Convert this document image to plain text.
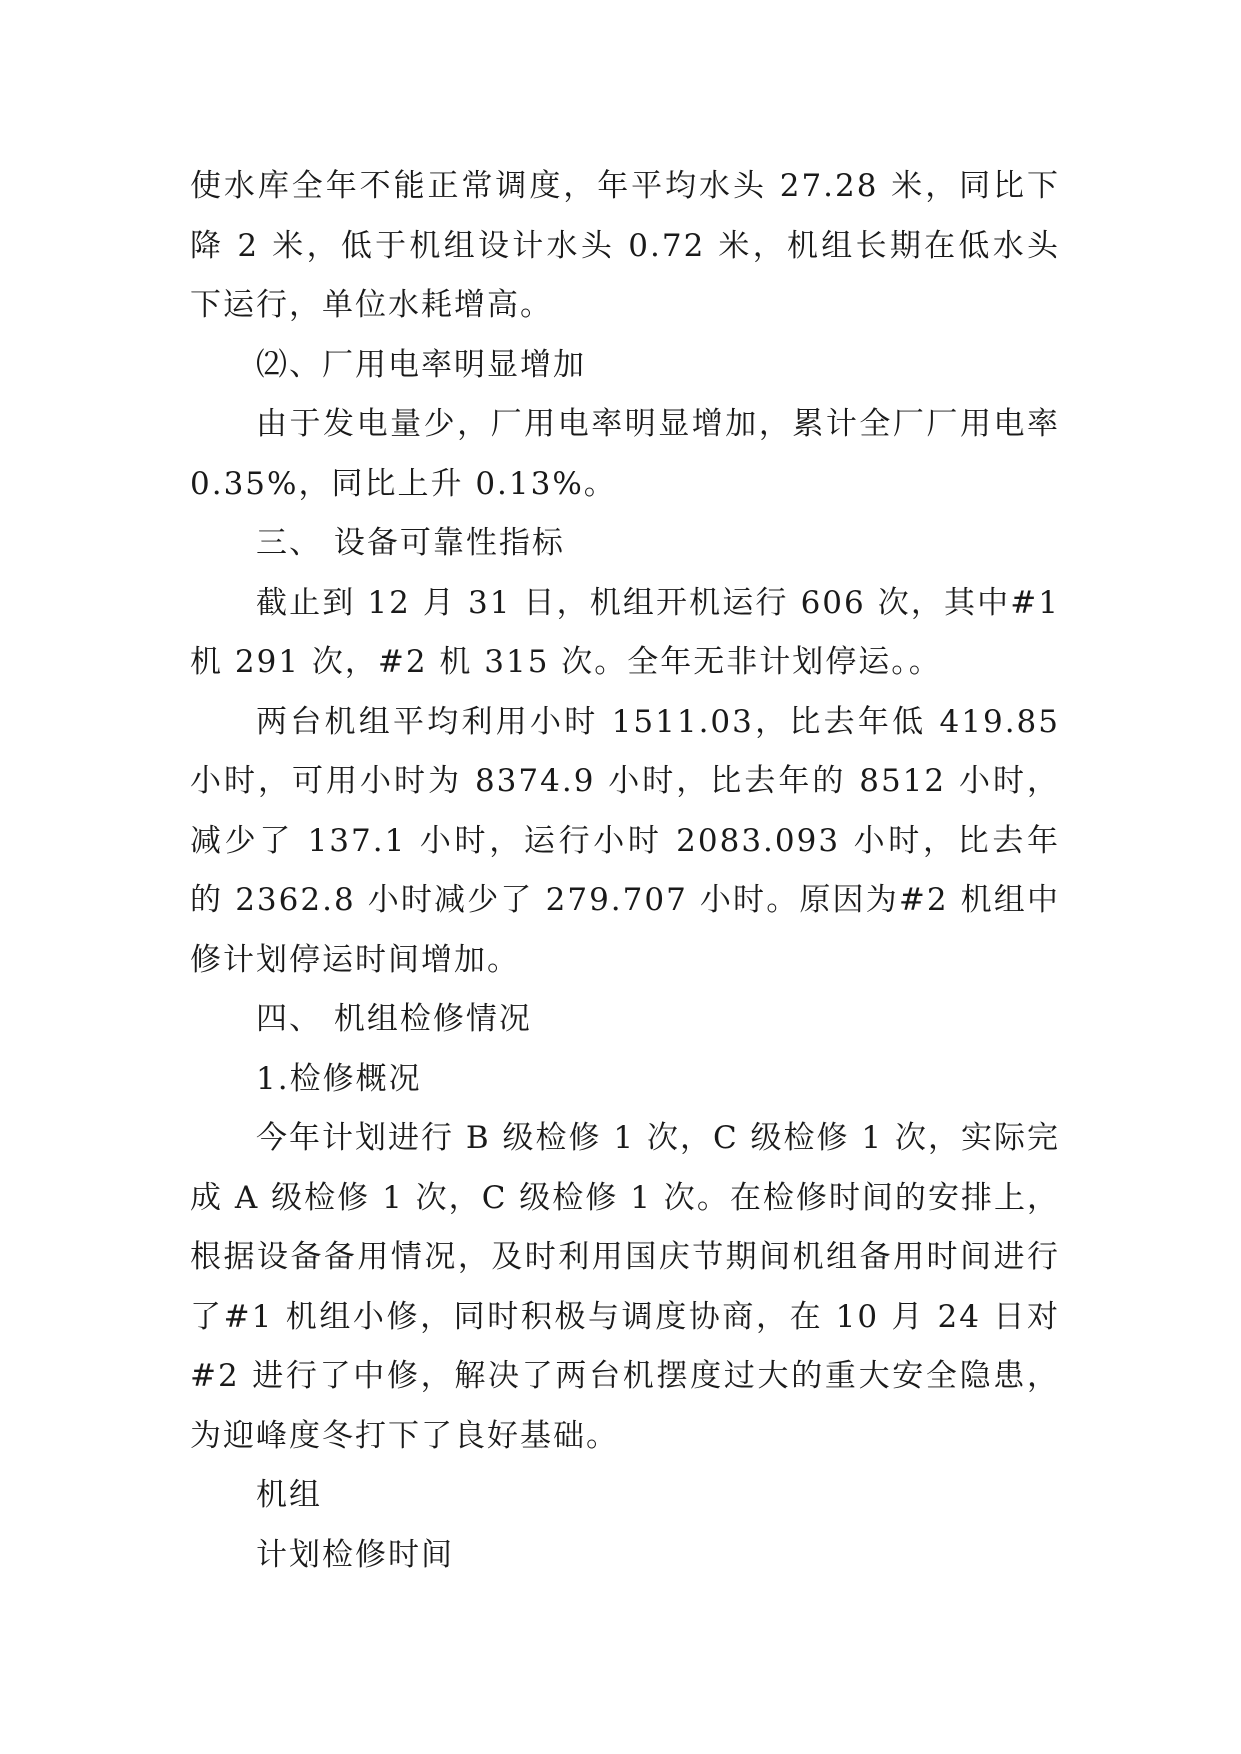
使水库全年不能正常调度，年平均水头 27.28 米，同比下降 2 米，低于机组设计水头 0.72 米，机组长期在低水头下运行，单位水耗增高。

⑵、厂用电率明显增加

由于发电量少，厂用电率明显增加，累计全厂厂用电率0.35%，同比上升 0.13%。

三、 设备可靠性指标

截止到 12 月 31 日，机组开机运行 606 次，其中#1 机 291 次，#2 机 315 次。全年无非计划停运。。

两台机组平均利用小时 1511.03，比去年低 419.85 小时，可用小时为 8374.9 小时，比去年的 8512 小时，减少了 137.1 小时，运行小时 2083.093 小时，比去年的 2362.8 小时减少了 279.707 小时。原因为#2 机组中修计划停运时间增加。

四、 机组检修情况

1.检修概况

今年计划进行 B 级检修 1 次，C 级检修 1 次，实际完成 A 级检修 1 次，C 级检修 1 次。在检修时间的安排上，根据设备备用情况，及时利用国庆节期间机组备用时间进行了#1 机组小修，同时积极与调度协商，在 10 月 24 日对#2 进行了中修，解决了两台机摆度过大的重大安全隐患，为迎峰度冬打下了良好基础。

机组

计划检修时间
